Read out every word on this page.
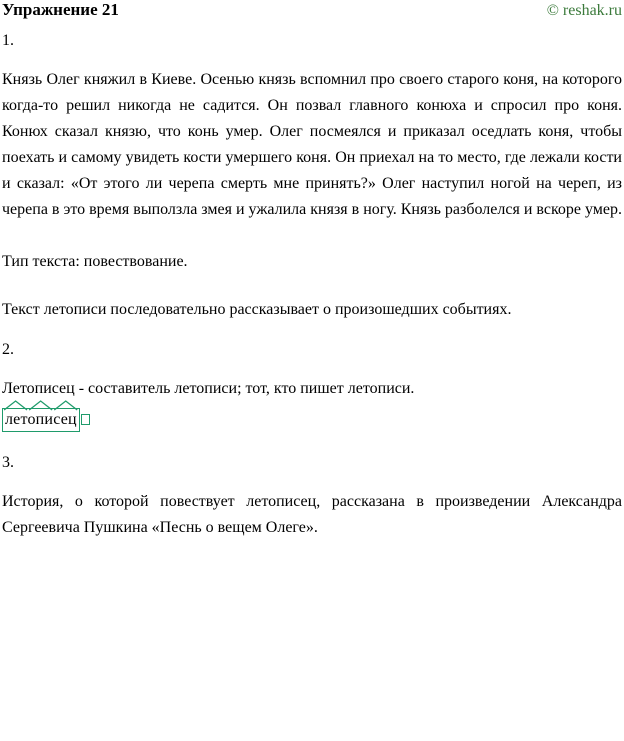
Упражнение 21	© reshak.ru
1.
Князь Олег княжил в Киеве. Осенью князь вспомнил про своего старого коня, на которого когда-то решил никогда не садится. Он позвал главного конюха и спросил про коня. Конюх сказал князю, что конь умер. Олег посмеялся и приказал оседлать коня, чтобы поехать и самому увидеть кости умершего коня. Он приехал на то место, где лежали кости и сказал: «От этого ли черепа смерть мне принять?» Олег наступил ногой на череп, из черепа в это время выползла змея и ужалила князя в ногу. Князь разболелся и вскоре умер.
Тип текста: повествование.
Текст летописи последовательно рассказывает о произошедших событиях.
2.
Летописец - составитель летописи; тот, кто пишет летописи.
летописец
3.
История, о которой повествует летописец, рассказана в произведении Александра Сергеевича Пушкина «Песнь о вещем Олеге».
